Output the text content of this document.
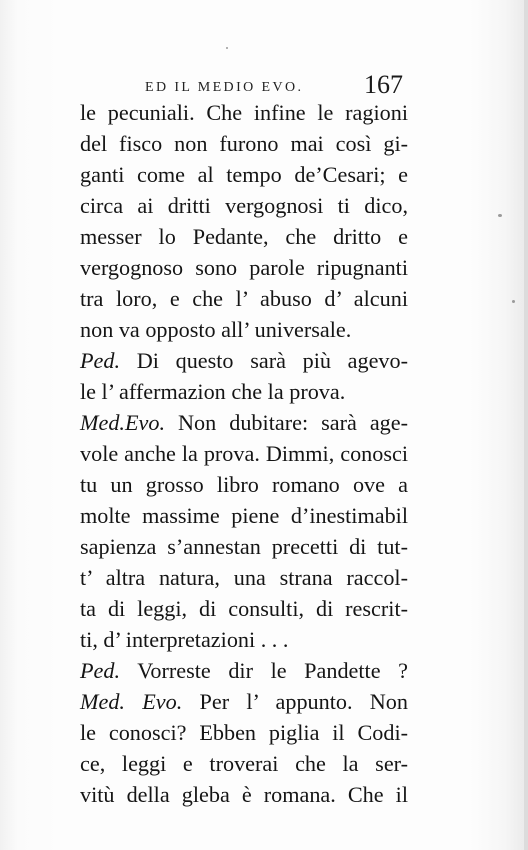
ED IL MEDIO EVO. 167
le pecuniali. Che infine le ragioni
del fisco non furono mai così gi-
ganti come al tempo de’Cesari; e
circa ai dritti vergognosi ti dico,
messer lo Pedante, che dritto e
vergognoso sono parole ripugnanti
tra loro, e che l’ abuso d’ alcuni
non va opposto all’ universale.
Ped. Di questo sarà più agevo-
le l’ affermazion che la prova.
Med.Evo. Non dubitare: sarà age-
vole anche la prova. Dimmi, conosci
tu un grosso libro romano ove a
molte massime piene d’inestimabil
sapienza s’annestan precetti di tut-
t’ altra natura, una strana raccol-
ta di leggi, di consulti, di rescrit-
ti, d’ interpretazioni . . .
Ped. Vorreste dir le Pandette ?
Med. Evo. Per l’ appunto. Non
le conosci? Ebben piglia il Codi-
ce, leggi e troverai che la ser-
vitù della gleba è romana. Che il
